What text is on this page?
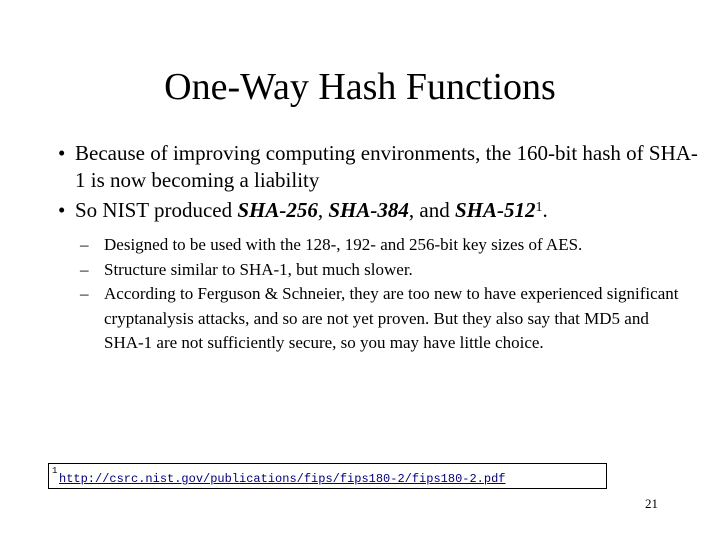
One-Way Hash Functions
• Because of improving computing environments, the 160-bit hash of SHA-1 is now becoming a liability
• So NIST produced SHA-256, SHA-384, and SHA-$512^1$.
– Designed to be used with the 128-, 192- and 256-bit key sizes of AES.
– Structure similar to SHA-1, but much slower.
– According to Ferguson & Schneier, they are too new to have experienced significant cryptanalysis attacks, and so are not yet proven. But they also say that MD5 and SHA-1 are not sufficiently secure, so you may have little choice.
1
http://csrc.nist.gov/publications/fips/fips180-2/fips180-2.pdf
21
